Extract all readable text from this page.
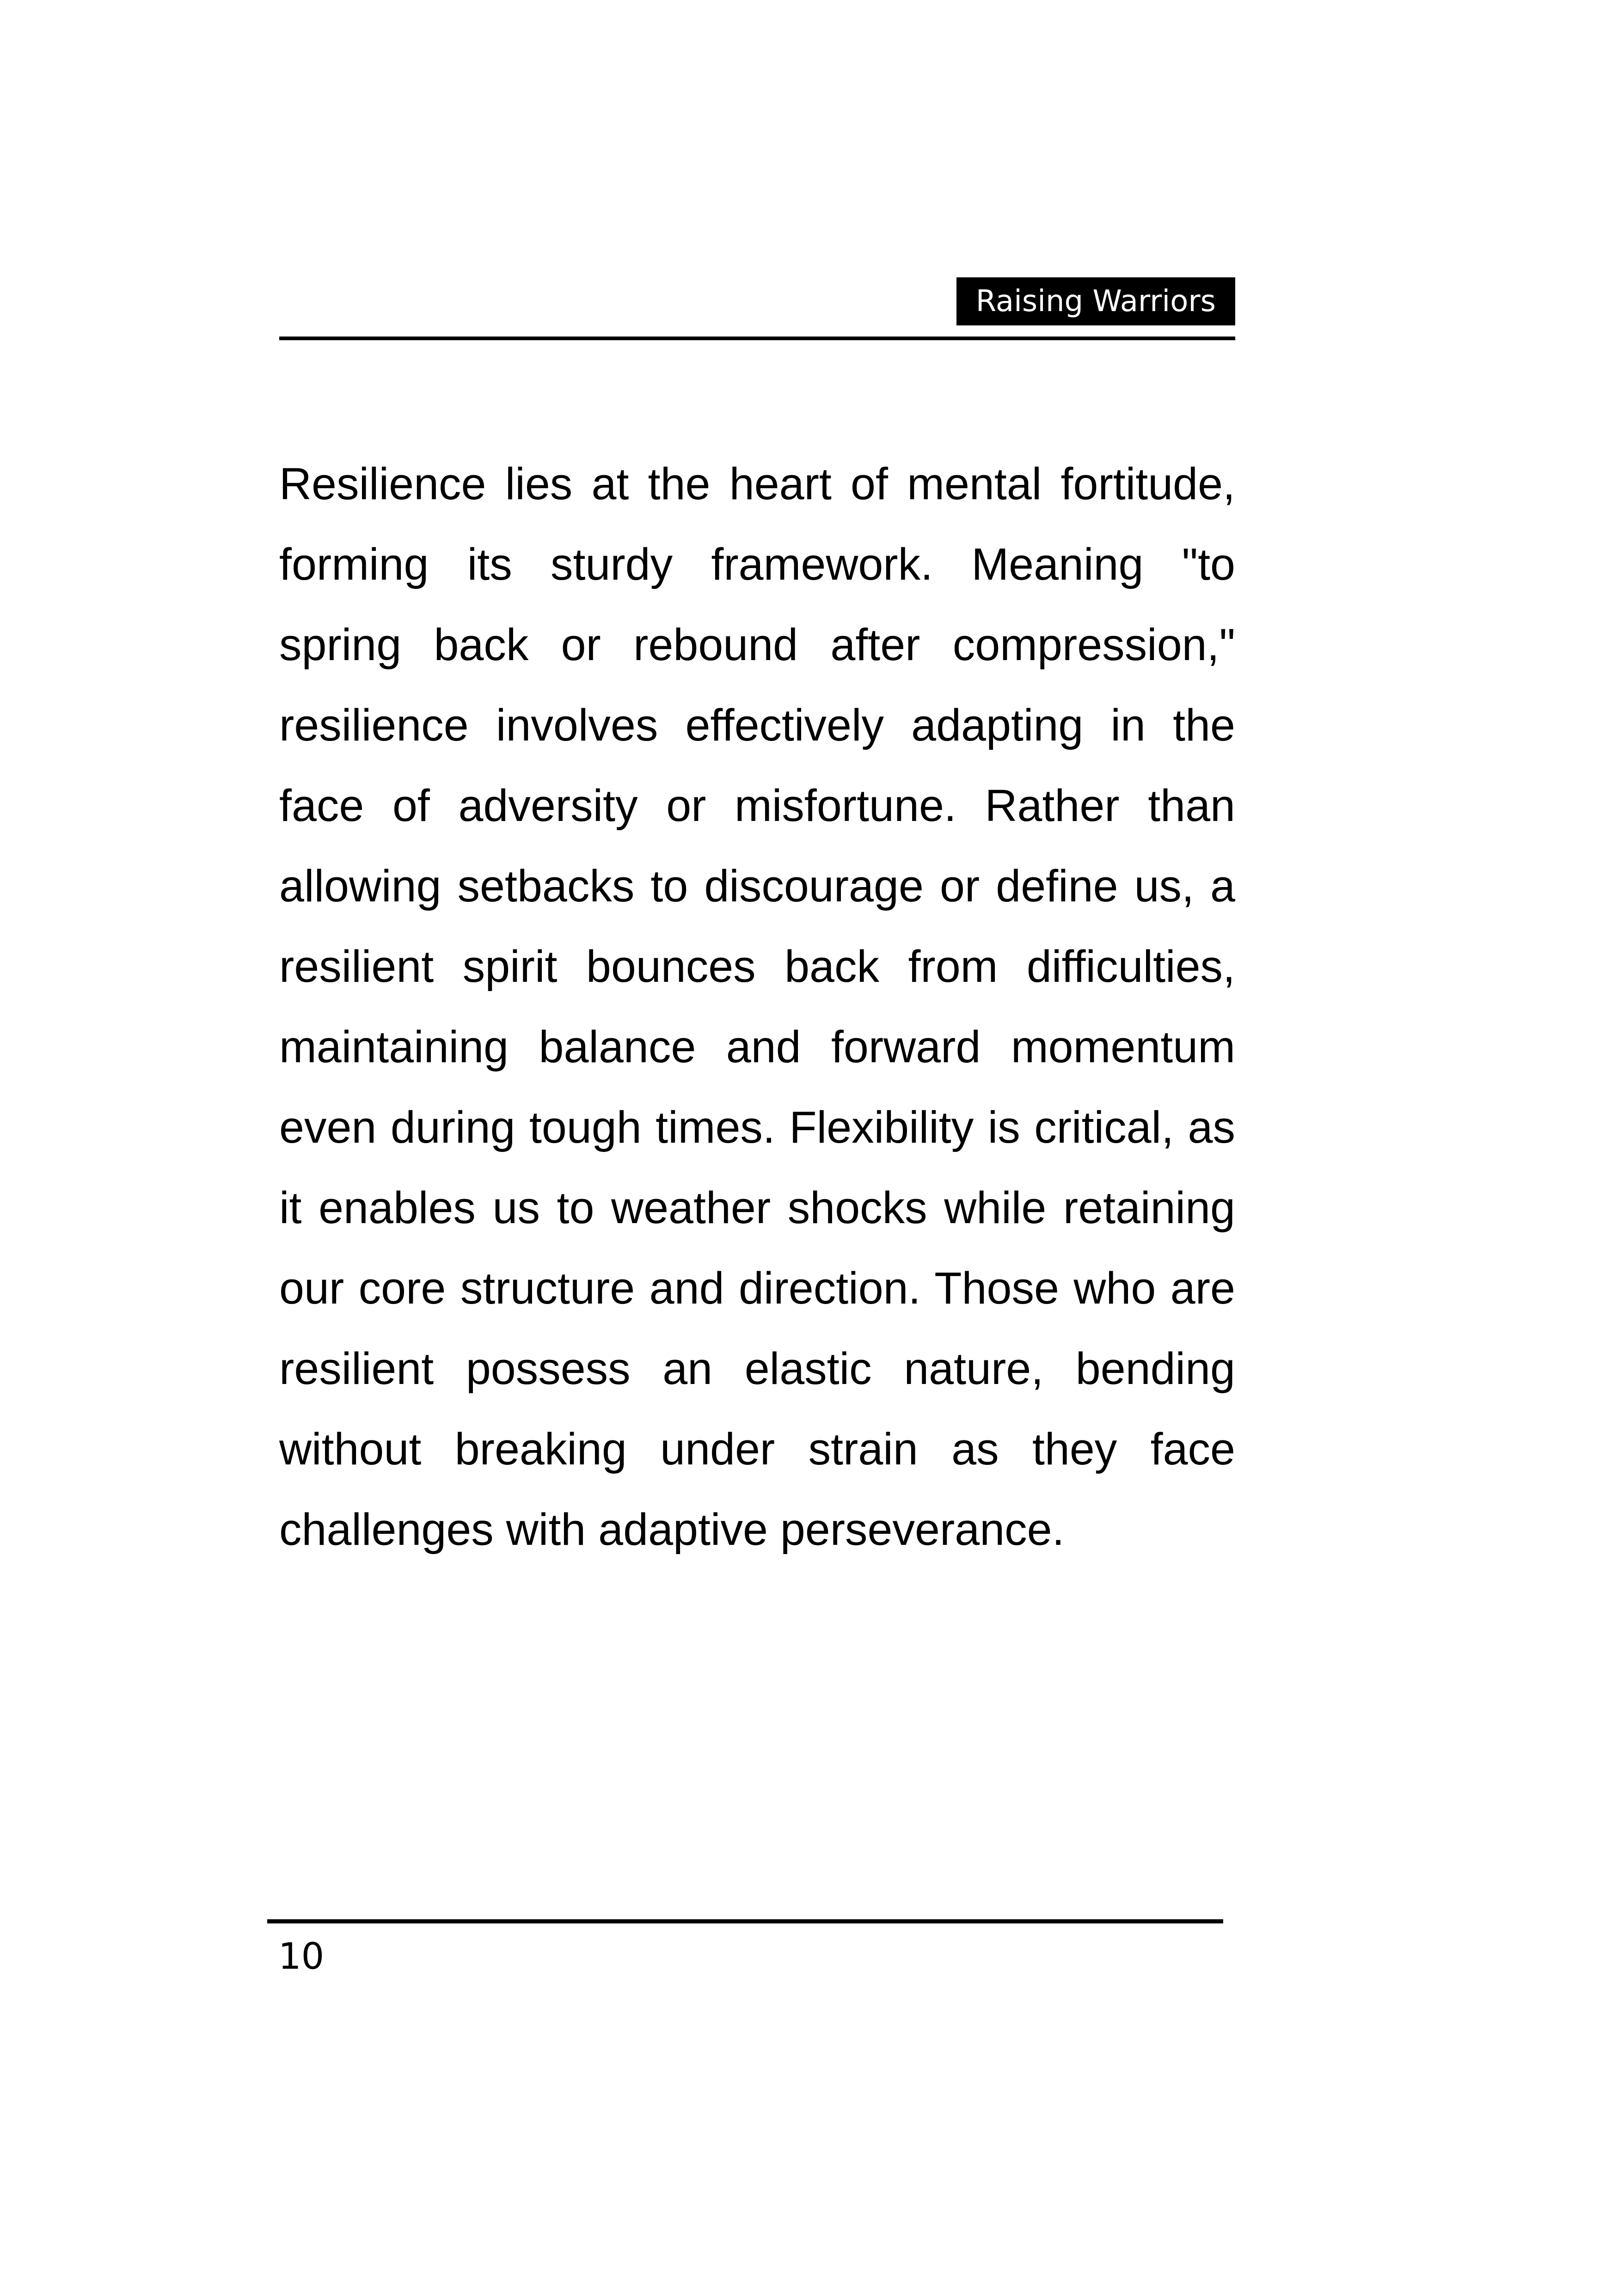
Raising Warriors

Resilience lies at the heart of mental fortitude, forming its sturdy framework. Meaning "to spring back or rebound after compression," resilience involves effectively adapting in the face of adversity or misfortune. Rather than allowing setbacks to discourage or define us, a resilient spirit bounces back from difficulties, maintaining balance and forward momentum even during tough times. Flexibility is critical, as it enables us to weather shocks while retaining our core structure and direction. Those who are resilient possess an elastic nature, bending without breaking under strain as they face challenges with adaptive perseverance.

10
